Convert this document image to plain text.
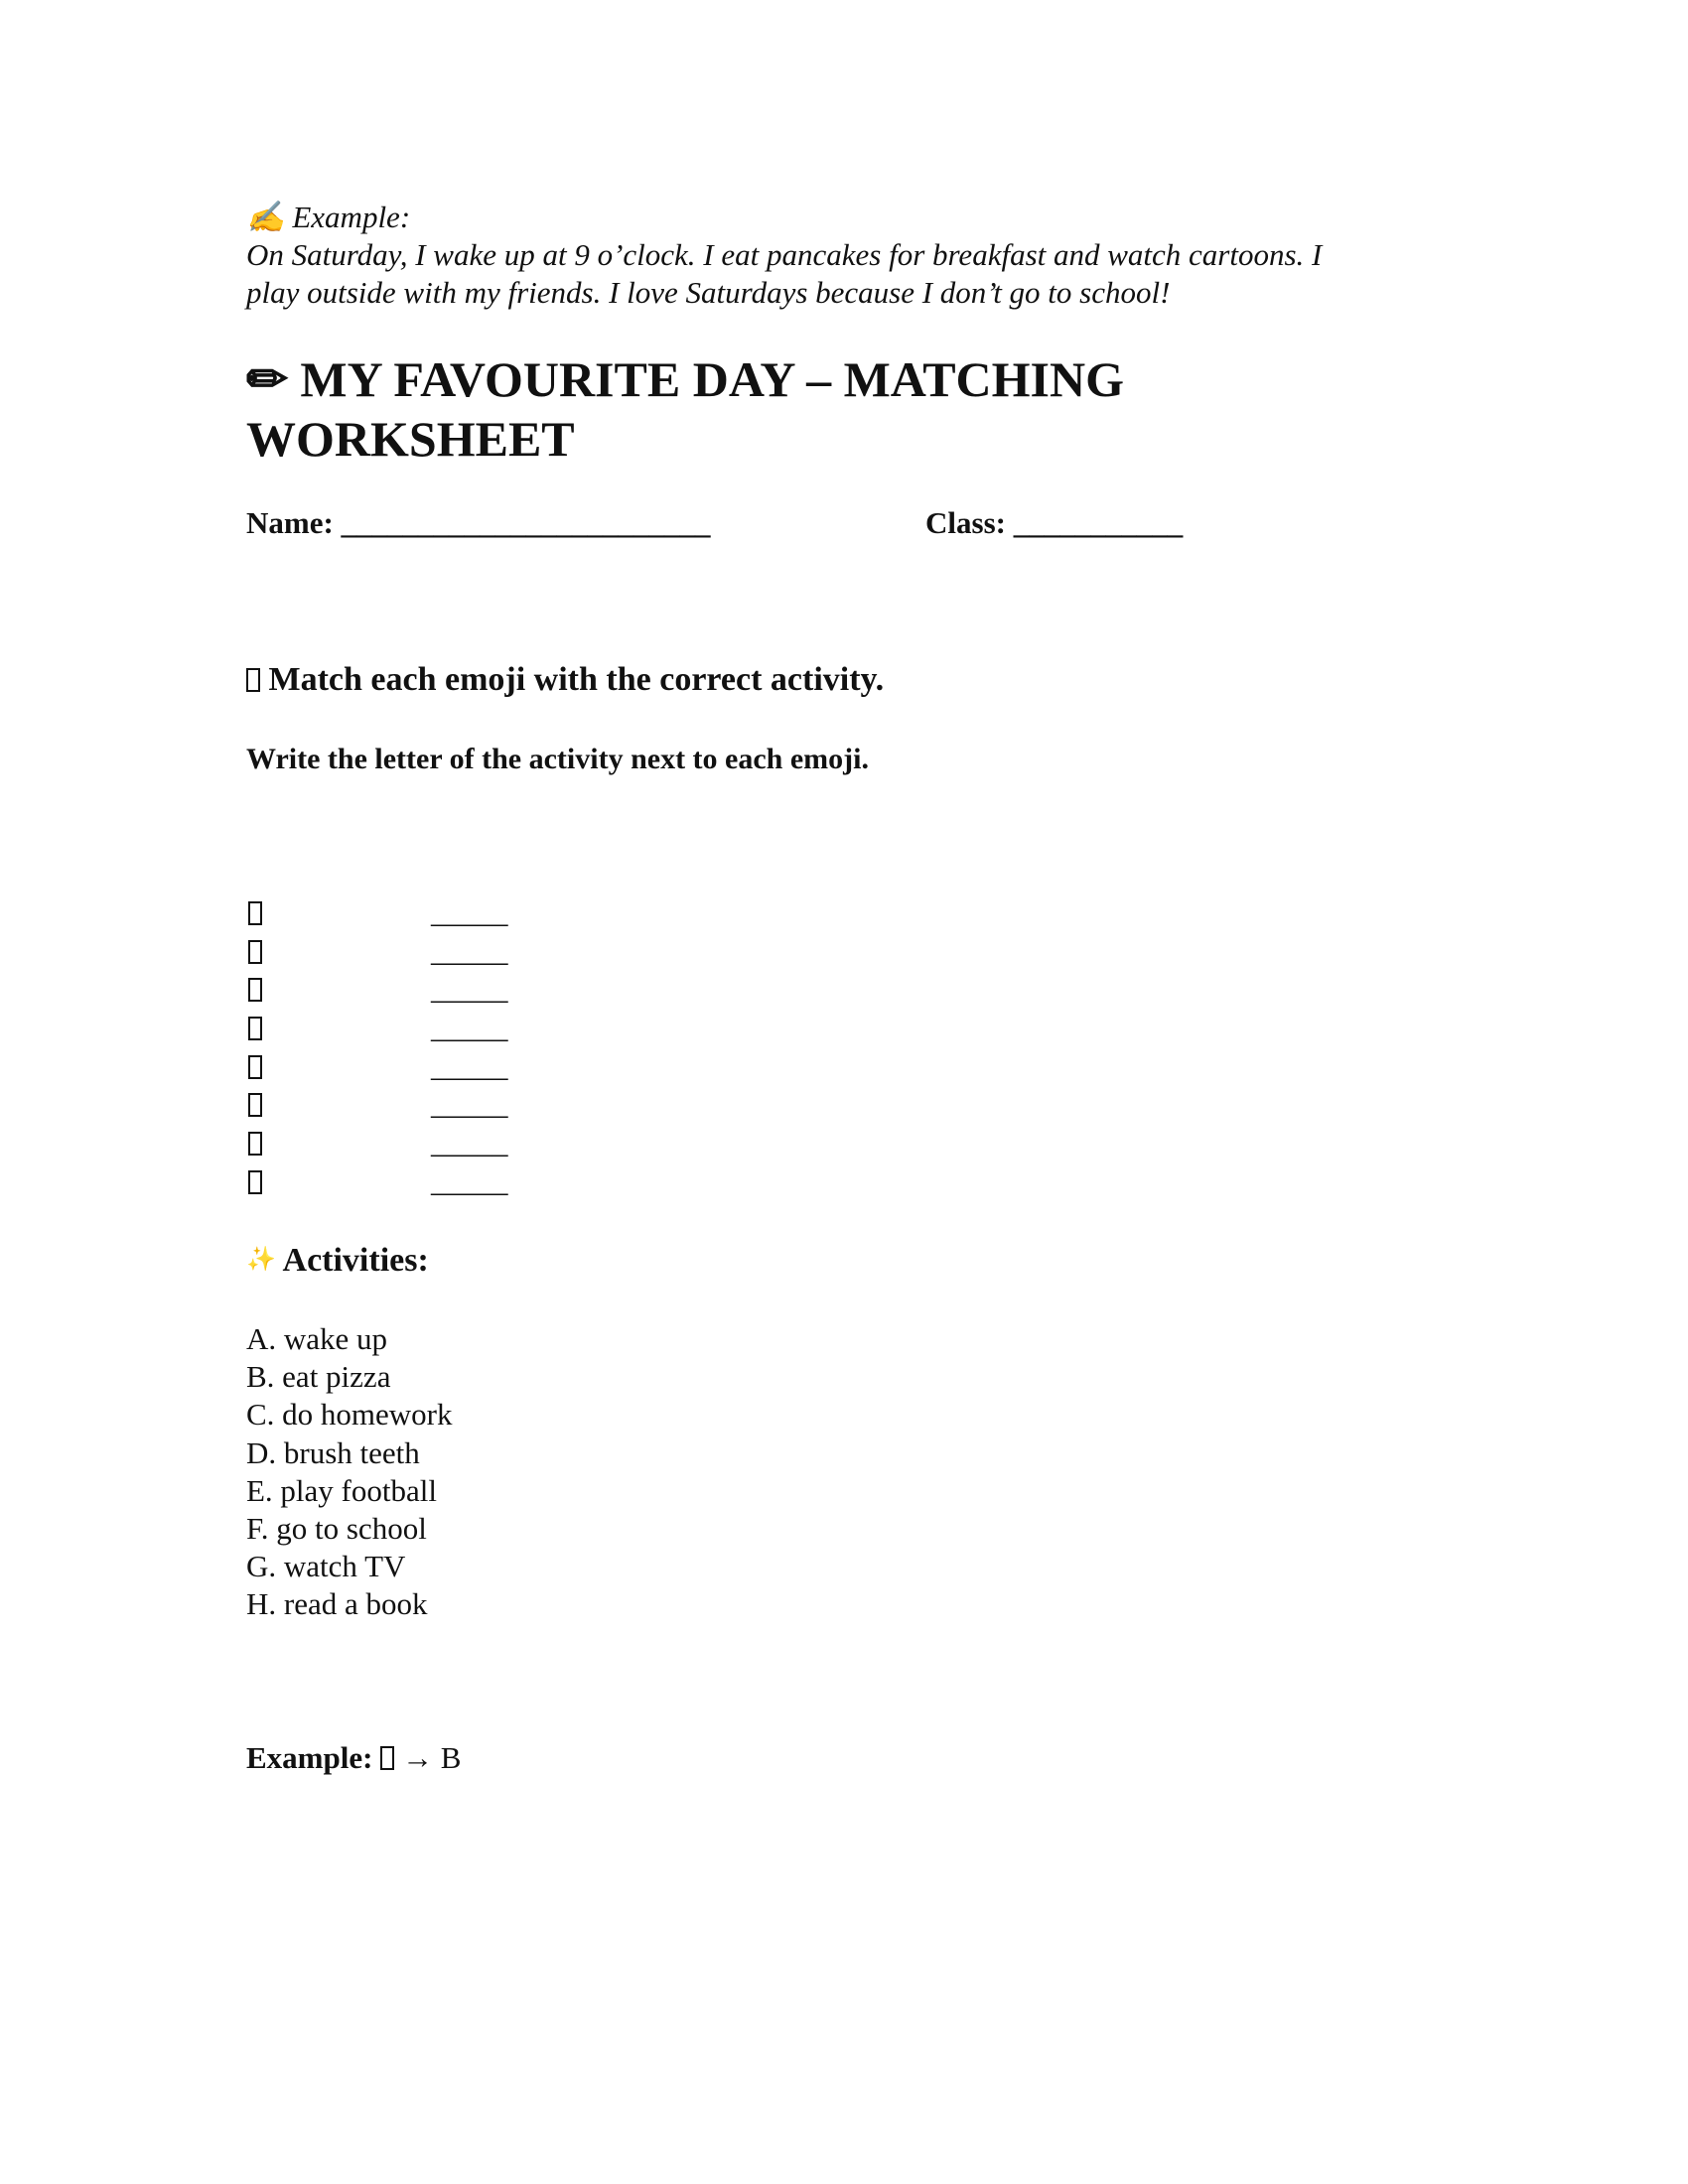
✍ Example:
On Saturday, I wake up at 9 o’clock. I eat pancakes for breakfast and watch cartoons. I
play outside with my friends. I love Saturdays because I don’t go to school!
✏ MY FAVOURITE DAY – MATCHING
WORKSHEET
Name: ________________________	Class: ___________
Match each emoji with the correct activity.
Write the letter of the activity next to each emoji.
_____
_____
_____
_____
_____
_____
_____
_____
✨ Activities:
A. wake up
B. eat pizza
C. do homework
D. brush teeth
E. play football
F. go to school
G. watch TV
H. read a book
Example: → B
